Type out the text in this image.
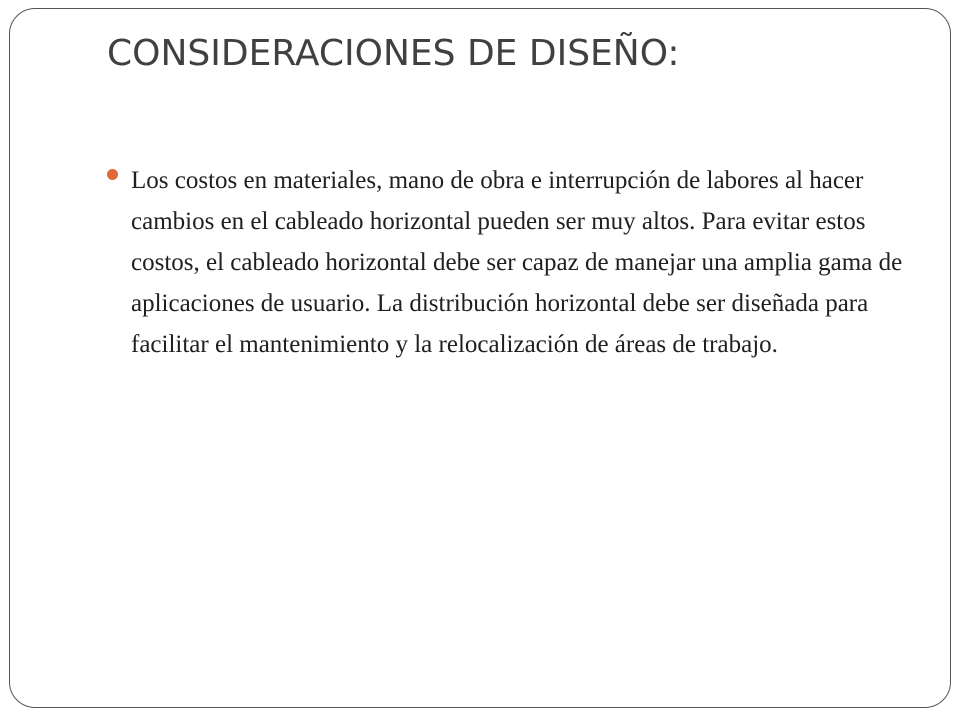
CONSIDERACIONES DE DISEÑO:
Los costos en materiales, mano de obra e interrupción de labores al hacer cambios en el cableado horizontal pueden ser muy altos. Para evitar estos costos, el cableado horizontal debe ser capaz de manejar una amplia gama de aplicaciones de usuario. La distribución horizontal debe ser diseñada para facilitar el mantenimiento y la relocalización de áreas de trabajo.
